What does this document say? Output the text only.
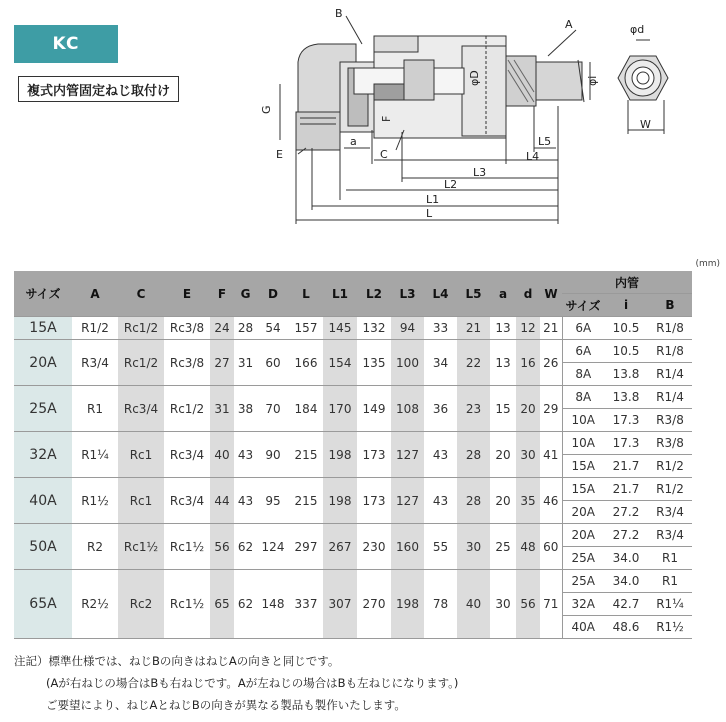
KC
複式内管固定ねじ取付け
B
A	φd
φD	φi
G
F
a
E	C
L5
L4
L3
L2
L1
L
W
(mm)
サイズ	A	C	E	F	G	D	L	L1	L2	L3	L4	L5	a	d	W	内管		
																サイズ	i	B
15A	R1/2	Rc1/2	Rc3/8	24	28	54	157	145	132	94	33	21	13	12	21	6A	10.5	R1/8
20A	R3/4	Rc1/2	Rc3/8	27	31	60	166	154	135	100	34	22	13	16	26	6A	10.5	R1/8
																8A	13.8	R1/4
25A	R1	Rc3/4	Rc1/2	31	38	70	184	170	149	108	36	23	15	20	29	8A	13.8	R1/4
																10A	17.3	R3/8
32A	R1¼	Rc1	Rc3/4	40	43	90	215	198	173	127	43	28	20	30	41	10A	17.3	R3/8
																15A	21.7	R1/2
40A	R1½	Rc1	Rc3/4	44	43	95	215	198	173	127	43	28	20	35	46	15A	21.7	R1/2
																20A	27.2	R3/4
50A	R2	Rc1½	Rc1½	56	62	124	297	267	230	160	55	30	25	48	60	20A	27.2	R3/4
																25A	34.0	R1
65A	R2½	Rc2	Rc1½	65	62	148	337	307	270	198	78	40	30	56	71	25A	34.0	R1
																32A	42.7	R1¼
																40A	48.6	R1½
注記）標準仕様では、ねじBの向きはねじAの向きと同じです。
(Aが右ねじの場合はBも右ねじです。Aが左ねじの場合はBも左ねじになります。)
ご要望により、ねじAとねじBの向きが異なる製品も製作いたします。
